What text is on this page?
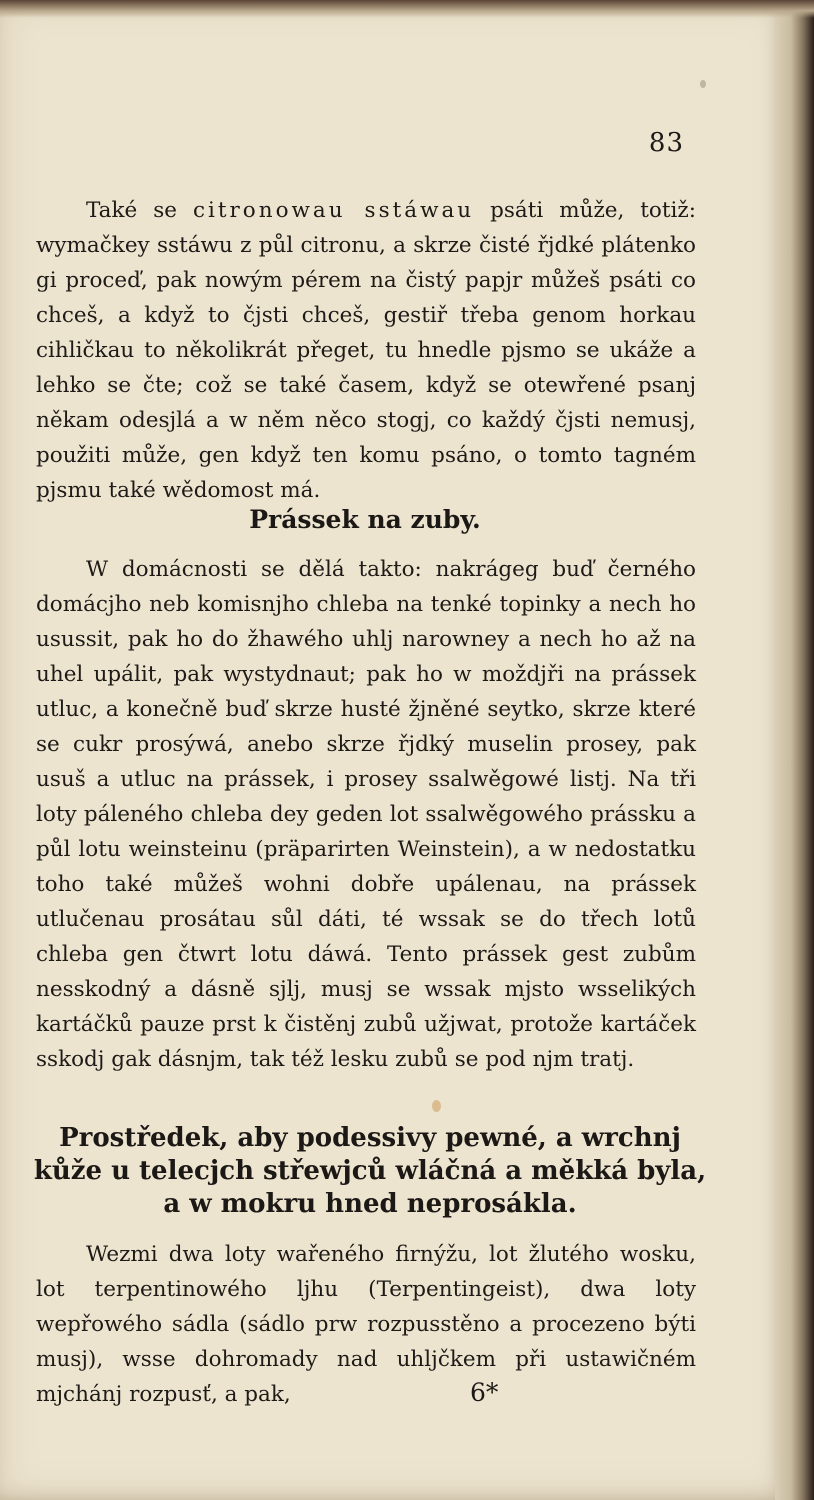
83

Také se citronowau sstáwau psáti může, totiž: wymačkey sstáwu z půl citronu, a skrze čisté řjdké plátenko gi proceď, pak nowým pérem na čistý papjr můžeš psáti co chceš, a když to čjsti chceš, gestiř třeba genom horkau cihličkau to několikrát přeget, tu hnedle pjsmo se ukáže a lehko se čte; což se také časem, když se otewřené psanj někam odesjlá a w něm něco stogj, co každý čjsti nemusj, použiti může, gen když ten komu psáno, o tomto tagném pjsmu také wědomost má.

Prássek na zuby.

W domácnosti se dělá takto: nakrágeg buď černého domácjho neb komisnjho chleba na tenké topinky a nech ho usussit, pak ho do žhawého uhlj narowney a nech ho až na uhel upálit, pak wystydnaut; pak ho w moždjři na prássek utluc, a konečně buď skrze husté žjněné seytko, skrze které se cukr prosýwá, anebo skrze řjdký muselin prosey, pak usuš a utluc na prássek, i prosey ssalwěgowé listj. Na tři loty páleného chleba dey geden lot ssalwěgowého prássku a půl lotu weinsteinu (präparirten Weinstein), a w nedostatku toho také můžeš wohni dobře upálenau, na prássek utlučenau prosátau sůl dáti, té wssak se do třech lotů chleba gen čtwrt lotu dáwá. Tento prássek gest zubům nesskodný a dásně sjlj, musj se wssak mjsto wsselikých kartáčků pauze prst k čistěnj zubů užjwat, protože kartáček sskodj gak dásnjm, tak též lesku zubů se pod njm tratj.

Prostředek, aby podessivy pewné, a wrchnj kůže u telecjch střewjců wláčná a měkká byla, a w mokru hned neprosákla.

Wezmi dwa loty wařeného firnýžu, lot žlutého wosku, lot terpentinowého ljhu (Terpentingeist), dwa loty wepřowého sádla (sádlo prw rozpusstěno a procezeno býti musj), wsse dohromady nad uhljčkem při ustawičném mjchánj rozpusť, a pak,	6*
